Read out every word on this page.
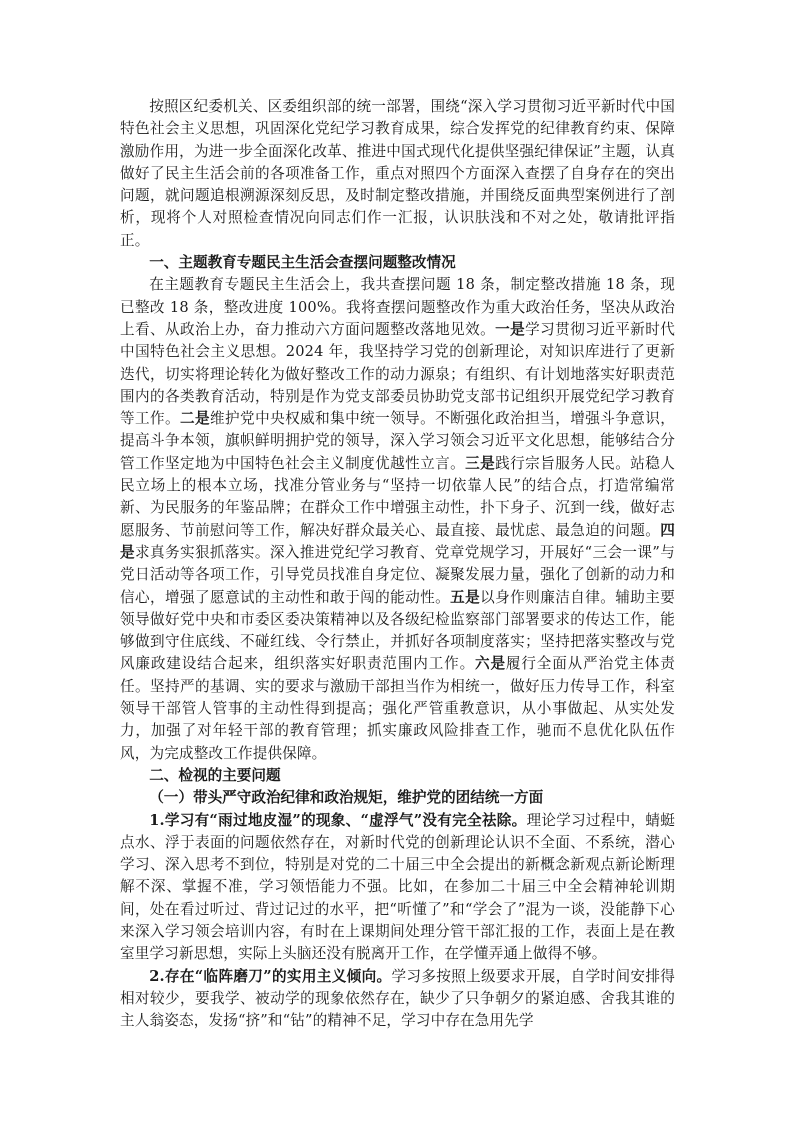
按照区纪委机关、区委组织部的统一部署，围绕“深入学习贯彻习近平新时代中国特色社会主义思想，巩固深化党纪学习教育成果，综合发挥党的纪律教育约束、保障激励作用，为进一步全面深化改革、推进中国式现代化提供坚强纪律保证”主题，认真做好了民主生活会前的各项准备工作，重点对照四个方面深入查摆了自身存在的突出问题，就问题追根溯源深刻反思，及时制定整改措施，并围绕反面典型案例进行了剖析，现将个人对照检查情况向同志们作一汇报，认识肤浅和不对之处，敬请批评指正。

一、主题教育专题民主生活会查摆问题整改情况

在主题教育专题民主生活会上，我共查摆问题 18 条，制定整改措施 18 条，现已整改 18 条，整改进度 100%。我将查摆问题整改作为重大政治任务，坚决从政治上看、从政治上办，奋力推动六方面问题整改落地见效。一是学习贯彻习近平新时代中国特色社会主义思想。2024 年，我坚持学习党的创新理论，对知识库进行了更新迭代，切实将理论转化为做好整改工作的动力源泉；有组织、有计划地落实好职责范围内的各类教育活动，特别是作为党支部委员协助党支部书记组织开展党纪学习教育等工作。二是维护党中央权威和集中统一领导。不断强化政治担当，增强斗争意识，提高斗争本领，旗帜鲜明拥护党的领导，深入学习领会习近平文化思想，能够结合分管工作坚定地为中国特色社会主义制度优越性立言。三是践行宗旨服务人民。站稳人民立场上的根本立场，找准分管业务与“坚持一切依靠人民”的结合点，打造常编常新、为民服务的年鉴品牌；在群众工作中增强主动性，扑下身子、沉到一线，做好志愿服务、节前慰问等工作，解决好群众最关心、最直接、最忧虑、最急迫的问题。四是求真务实狠抓落实。深入推进党纪学习教育、党章党规学习，开展好“三会一课”与党日活动等各项工作，引导党员找准自身定位、凝聚发展力量，强化了创新的动力和信心，增强了愿意试的主动性和敢于闯的能动性。五是以身作则廉洁自律。辅助主要领导做好党中央和市委区委决策精神以及各级纪检监察部门部署要求的传达工作，能够做到守住底线、不碰红线、令行禁止，并抓好各项制度落实；坚持把落实整改与党风廉政建设结合起来，组织落实好职责范围内工作。六是履行全面从严治党主体责任。坚持严的基调、实的要求与激励干部担当作为相统一，做好压力传导工作，科室领导干部管人管事的主动性得到提高；强化严管重教意识，从小事做起、从实处发力，加强了对年轻干部的教育管理；抓实廉政风险排查工作，驰而不息优化队伍作风，为完成整改工作提供保障。

二、检视的主要问题

（一）带头严守政治纪律和政治规矩，维护党的团结统一方面

1.学习有“雨过地皮湿”的现象、“虚浮气”没有完全祛除。理论学习过程中，蜻蜓点水、浮于表面的问题依然存在，对新时代党的创新理论认识不全面、不系统，潜心学习、深入思考不到位，特别是对党的二十届三中全会提出的新概念新观点新论断理解不深、掌握不准，学习领悟能力不强。比如，在参加二十届三中全会精神轮训期间，处在看过听过、背过记过的水平，把“听懂了”和“学会了”混为一谈，没能静下心来深入学习领会培训内容，有时在上课期间处理分管干部汇报的工作，表面上是在教室里学习新思想，实际上头脑还没有脱离开工作，在学懂弄通上做得不够。

2.存在“临阵磨刀”的实用主义倾向。学习多按照上级要求开展，自学时间安排得相对较少，要我学、被动学的现象依然存在，缺少了只争朝夕的紧迫感、舍我其谁的主人翁姿态，发扬“挤”和“钻”的精神不足，学习中存在急用先学
